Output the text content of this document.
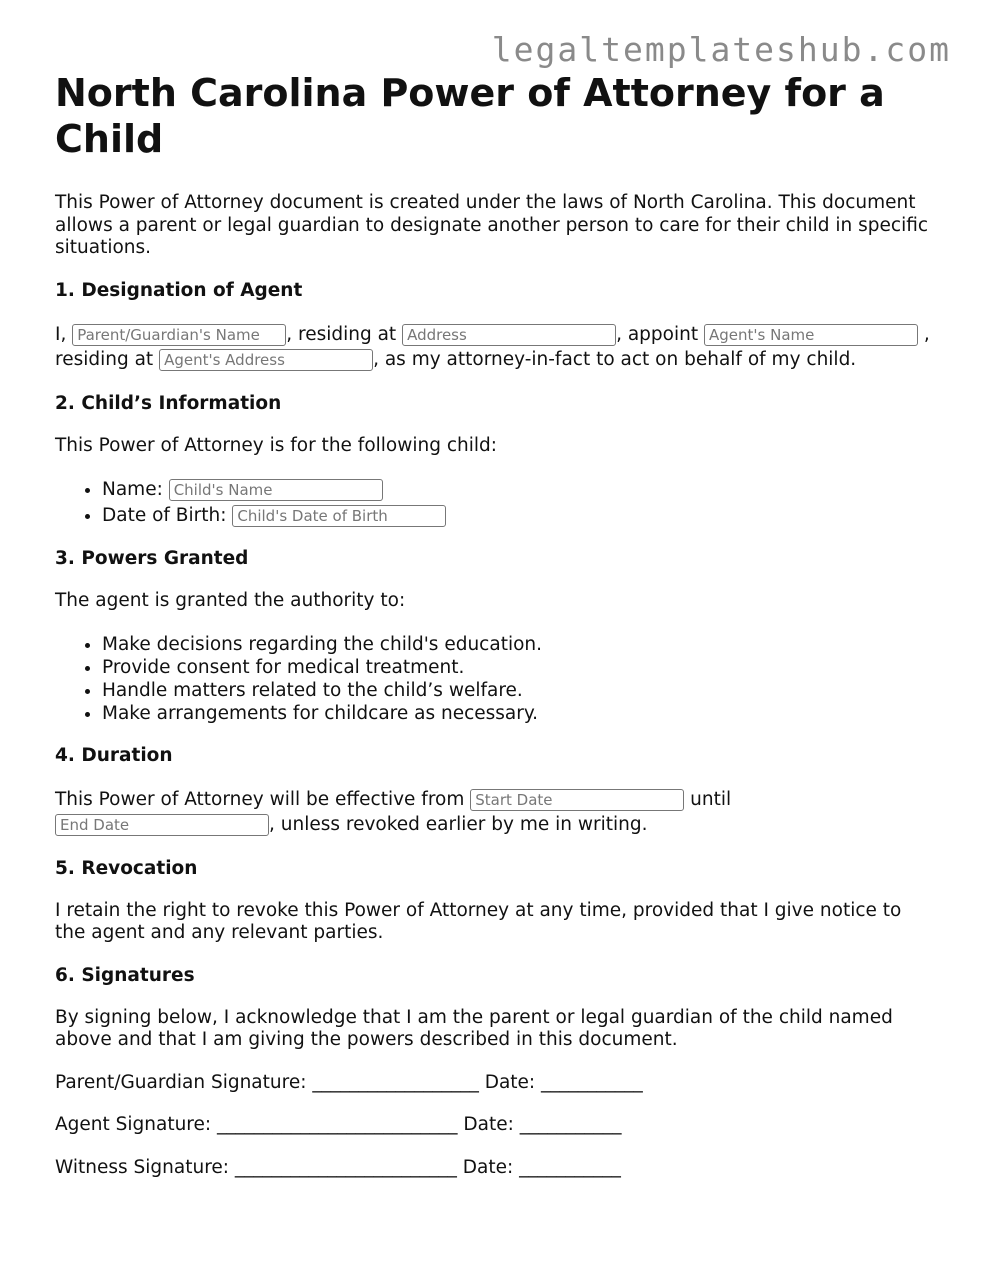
legaltemplateshub.com
North Carolina Power of Attorney for a Child

This Power of Attorney document is created under the laws of North Carolina. This document allows a parent or legal guardian to designate another person to care for their child in specific situations.

1. Designation of Agent

I, Parent/Guardian's Name , residing at Address	, appoint Agent's Name	, residing at Agent's Address	, as my attorney-in-fact to act on behalf of my child.

2. Child’s Information

This Power of Attorney is for the following child:

• Name: Child's Name
• Date of Birth: Child's Date of Birth
3. Powers Granted

The agent is granted the authority to:

• Make decisions regarding the child's education.
• Provide consent for medical treatment.
• Handle matters related to the child’s welfare.
• Make arrangements for childcare as necessary.
4. Duration

This Power of Attorney will be effective from Start Date	until
End Date	, unless revoked earlier by me in writing.

5. Revocation

I retain the right to revoke this Power of Attorney at any time, provided that I give notice to the agent and any relevant parties.

6. Signatures

By signing below, I acknowledge that I am the parent or legal guardian of the child named above and that I am giving the powers described in this document.

Parent/Guardian Signature: __________________ Date: ___________

Agent Signature: __________________________ Date: ___________

Witness Signature: ________________________ Date: ___________
